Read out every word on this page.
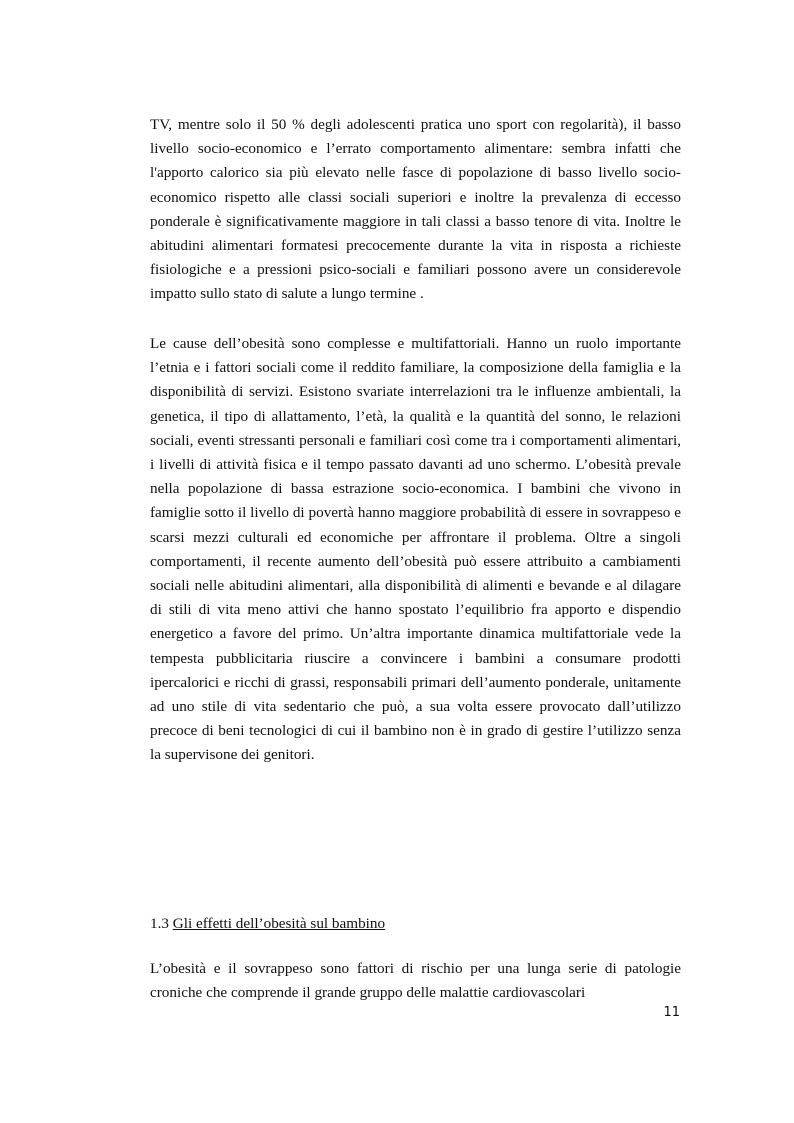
TV, mentre solo il 50 % degli adolescenti pratica uno sport con regolarità), il basso livello socio-economico e l’errato comportamento alimentare: sembra infatti che l'apporto calorico sia più elevato nelle fasce di popolazione di basso livello socio-economico rispetto alle classi sociali superiori e inoltre la prevalenza di eccesso ponderale è significativamente maggiore in tali classi a basso tenore di vita. Inoltre le abitudini alimentari formatesi precocemente durante la vita in risposta a richieste fisiologiche e a pressioni psico-sociali e familiari possono avere un considerevole impatto sullo stato di salute a lungo termine .

Le cause dell’obesità sono complesse e multifattoriali. Hanno un ruolo importante l’etnia e i fattori sociali come il reddito familiare, la composizione della famiglia e la disponibilità di servizi. Esistono svariate interrelazioni tra le influenze ambientali, la genetica, il tipo di allattamento, l’età, la qualità e la quantità del sonno, le relazioni sociali, eventi stressanti personali e familiari così come tra i comportamenti alimentari, i livelli di attività fisica e il tempo passato davanti ad uno schermo. L’obesità prevale nella popolazione di bassa estrazione socio-economica. I bambini che vivono in famiglie sotto il livello di povertà hanno maggiore probabilità di essere in sovrappeso e scarsi mezzi culturali ed economiche per affrontare il problema. Oltre a singoli comportamenti, il recente aumento dell’obesità può essere attribuito a cambiamenti sociali nelle abitudini alimentari, alla disponibilità di alimenti e bevande e al dilagare di stili di vita meno attivi che hanno spostato l’equilibrio fra apporto e dispendio energetico a favore del primo. Un’altra importante dinamica multifattoriale vede la tempesta pubblicitaria riuscire a convincere i bambini a consumare prodotti ipercalorici e ricchi di grassi, responsabili primari dell’aumento ponderale, unitamente ad uno stile di vita sedentario che può, a sua volta essere provocato dall’utilizzo precoce di beni tecnologici di cui il bambino non è in grado di gestire l’utilizzo senza la supervisone dei genitori.

1.3 Gli effetti dell’obesità sul bambino

L’obesità e il sovrappeso sono fattori di rischio per una lunga serie di patologie croniche che comprende il grande gruppo delle malattie cardiovascolari

11
